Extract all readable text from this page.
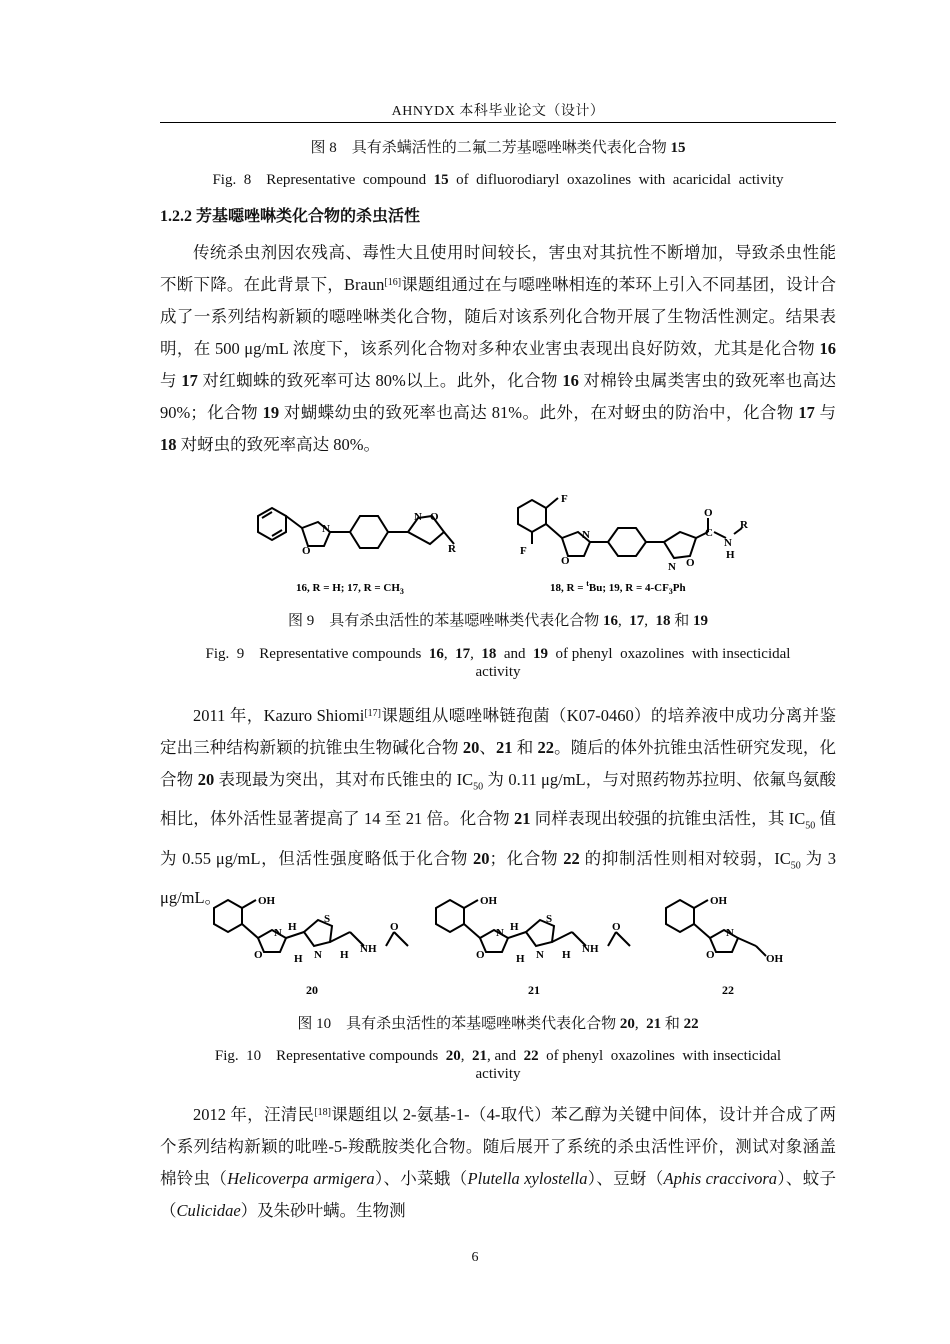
AHNYDX 本科毕业论文（设计）
图 8　具有杀螨活性的二氟二芳基噁唑啉类代表化合物 15
Fig.  8　Representative  compound  15  of  difluorodiaryl  oxazolines  with  acaricidal  activity
1.2.2 芳基噁唑啉类化合物的杀虫活性
传统杀虫剂因农残高、毒性大且使用时间较长，害虫对其抗性不断增加，导致杀虫性能不断下降。在此背景下，Braun[16]课题组通过在与噁唑啉相连的苯环上引入不同基团，设计合成了一系列结构新颖的噁唑啉类化合物，随后对该系列化合物开展了生物活性测定。结果表明，在 500 μg/mL 浓度下，该系列化合物对多种农业害虫表现出良好防效，尤其是化合物 16 与 17 对红蜘蛛的致死率可达 80%以上。此外，化合物 16 对棉铃虫属类害虫的致死率也高达 90%；化合物 19 对蝴蝶幼虫的致死率也高达 81%。此外，在对蚜虫的防治中，化合物 17 与 18 对蚜虫的致死率高达 80%。
N
O
N O
R
F
F
N
O
O
C
N
H
R
N O
16, R = H; 17, $R = CH_3$	18, R = $^t$Bu; 19, $R = 4-CF_3Ph$
图 9　具有杀虫活性的苯基噁唑啉类代表化合物 16,  17,  18 和 19
Fig.  9　Representative compounds  16,  17,  18  and  19  of phenyl  oxazolines  with insecticidal
activity
2011 年，Kazuro Shiomi[17]课题组从噁唑啉链孢菌（K07-0460）的培养液中成功分离并鉴定出三种结构新颖的抗锥虫生物碱化合物 20、21 和 22。随后的体外抗锥虫活性研究发现，化合物 20 表现最为突出，其对布氏锥虫的 $IC_{50}$ 为 0.11 μg/mL，与对照药物苏拉明、依氟鸟氨酸相比，体外活性显著提高了 14 至 21 倍。化合物 21 同样表现出较强的抗锥虫活性，其 $IC_{50}$ 值为 0.55 μg/mL，但活性强度略低于化合物 20；化合物 22 的抑制活性则相对较弱，$IC_{50}$ 为 3 μg/mL。	OH
N
O
H
S
N
H	H NH
O
OH
N
O
H
S
N
H	H NH
O
OH
N
O	OH
20	21	22
图 10　具有杀虫活性的苯基噁唑啉类代表化合物 20,  21 和 22
Fig.  10　Representative compounds  20,  21, and  22  of phenyl  oxazolines  with insecticidal
activity
2012 年，汪清民[18]课题组以 2-氨基-1-（4-取代）苯乙醇为关键中间体，设计并合成了两个系列结构新颖的吡唑-5-羧酰胺类化合物。随后展开了系统的杀虫活性评价，测试对象涵盖棉铃虫（Helicoverpa armigera）、小菜蛾（Plutella xylostella）、豆蚜（Aphis craccivora）、蚊子（Culicidae）及朱砂叶螨。生物测
6
